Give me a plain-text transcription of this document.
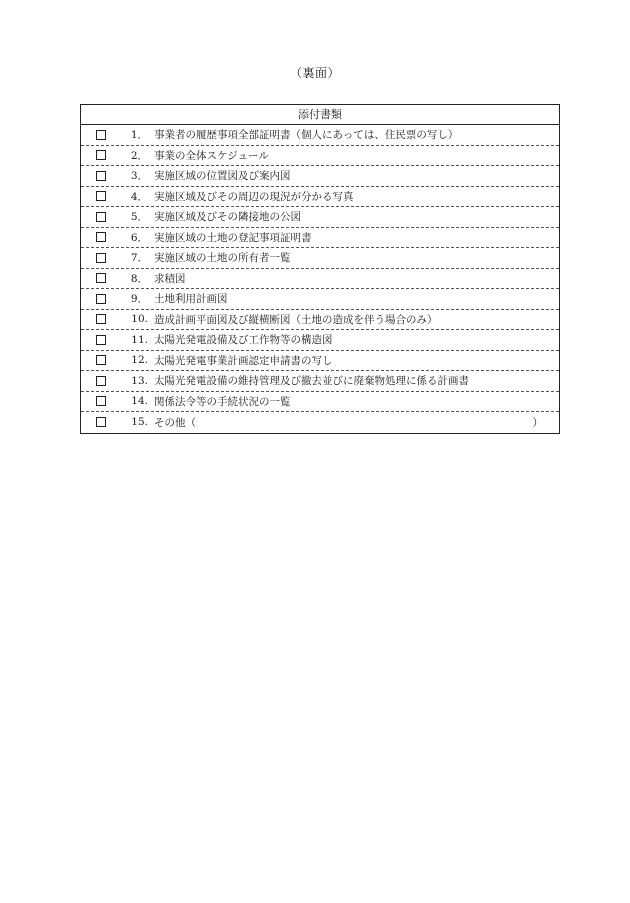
（裏面）
添付書類
1． 事業者の履歴事項全部証明書（個人にあっては、住民票の写し）
2． 事業の全体スケジュール
3． 実施区域の位置図及び案内図
4． 実施区域及びその周辺の現況が分かる写真
5． 実施区域及びその隣接地の公図
6． 実施区域の土地の登記事項証明書
7． 実施区域の土地の所有者一覧
8． 求積図
9． 土地利用計画図
10. 造成計画平面図及び縦横断図（土地の造成を伴う場合のみ）
11. 太陽光発電設備及び工作物等の構造図
12. 太陽光発電事業計画認定申請書の写し
13. 太陽光発電設備の維持管理及び撤去並びに廃棄物処理に係る計画書
14. 関係法令等の手続状況の一覧
15. その他（	）
